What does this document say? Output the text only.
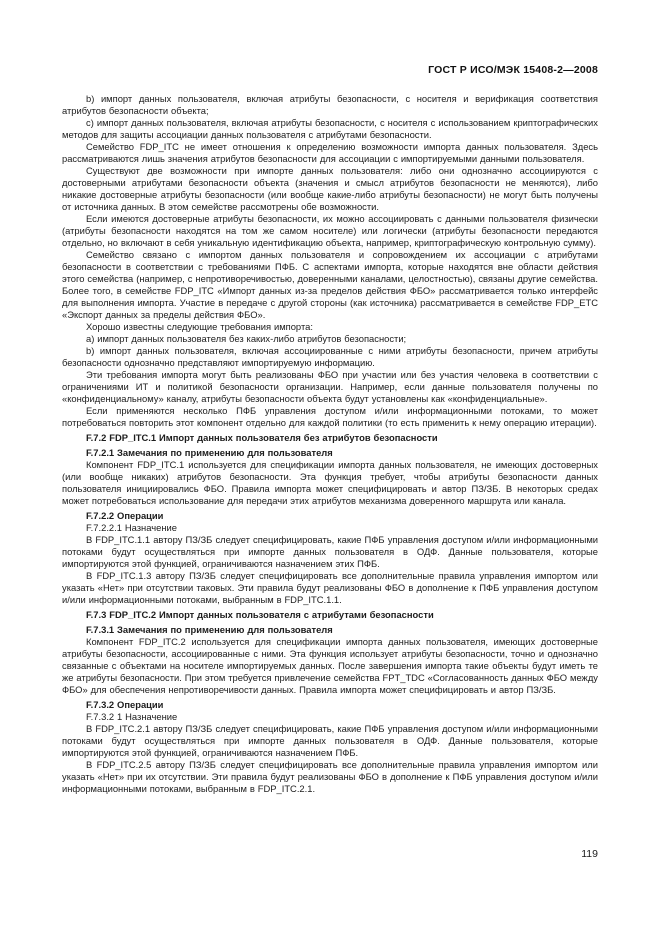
ГОСТ Р ИСО/МЭК 15408-2—2008

b) импорт данных пользователя, включая атрибуты безопасности, с носителя и верификация соответствия атрибутов безопасности объекта;

c) импорт данных пользователя, включая атрибуты безопасности, с носителя с использованием криптографических методов для защиты ассоциации данных пользователя с атрибутами безопасности.

Семейство FDP_ITC не имеет отношения к определению возможности импорта данных пользователя. Здесь рассматриваются лишь значения атрибутов безопасности для ассоциации с импортируемыми данными пользователя.

Существуют две возможности при импорте данных пользователя: либо они однозначно ассоциируются с достоверными атрибутами безопасности объекта (значения и смысл атрибутов безопасности не меняются), либо никакие достоверные атрибуты безопасности (или вообще какие-либо атрибуты безопасности) не могут быть получены от источника данных. В этом семействе рассмотрены обе возможности.

Если имеются достоверные атрибуты безопасности, их можно ассоциировать с данными пользователя физически (атрибуты безопасности находятся на том же самом носителе) или логически (атрибуты безопасности передаются отдельно, но включают в себя уникальную идентификацию объекта, например, криптографическую контрольную сумму).

Семейство связано с импортом данных пользователя и сопровождением их ассоциации с атрибутами безопасности в соответствии с требованиями ПФБ. С аспектами импорта, которые находятся вне области действия этого семейства (например, с непротиворечивостью, доверенными каналами, целостностью), связаны другие семейства. Более того, в семействе FDP_ITC «Импорт данных из-за пределов действия ФБО» рассматривается только интерфейс для выполнения импорта. Участие в передаче с другой стороны (как источника) рассматривается в семействе FDP_ETC «Экспорт данных за пределы действия ФБО».

Хорошо известны следующие требования импорта:

a) импорт данных пользователя без каких-либо атрибутов безопасности;

b) импорт данных пользователя, включая ассоциированные с ними атрибуты безопасности, причем атрибуты безопасности однозначно представляют импортируемую информацию.

Эти требования импорта могут быть реализованы ФБО при участии или без участия человека в соответствии с ограничениями ИТ и политикой безопасности организации. Например, если данные пользователя получены по «конфиденциальному» каналу, атрибуты безопасности объекта будут установлены как «конфиденциальные».

Если применяются несколько ПФБ управления доступом и/или информационными потоками, то может потребоваться повторить этот компонент отдельно для каждой политики (то есть применить к нему операцию итерации).

F.7.2 FDP_ITC.1 Импорт данных пользователя без атрибутов безопасности

F.7.2.1 Замечания по применению для пользователя

Компонент FDP_ITC.1 используется для спецификации импорта данных пользователя, не имеющих достоверных (или вообще никаких) атрибутов безопасности. Эта функция требует, чтобы атрибуты безопасности данных пользователя инициировались ФБО. Правила импорта может специфицировать и автор ПЗ/ЗБ. В некоторых средах может потребоваться использование для передачи этих атрибутов механизма доверенного маршрута или канала.

F.7.2.2 Операции

F.7.2.2.1 Назначение

В FDP_ITC.1.1 автору ПЗ/ЗБ следует специфицировать, какие ПФБ управления доступом и/или информационными потоками будут осуществляться при импорте данных пользователя в ОДФ. Данные пользователя, которые импортируются этой функцией, ограничиваются назначением этих ПФБ.

В FDP_ITC.1.3 автору ПЗ/ЗБ следует специфицировать все дополнительные правила управления импортом или указать «Нет» при отсутствии таковых. Эти правила будут реализованы ФБО в дополнение к ПФБ управления доступом и/или информационными потоками, выбранным в FDP_ITC.1.1.

F.7.3 FDP_ITC.2 Импорт данных пользователя с атрибутами безопасности

F.7.3.1 Замечания по применению для пользователя

Компонент FDP_ITC.2 используется для спецификации импорта данных пользователя, имеющих достоверные атрибуты безопасности, ассоциированные с ними. Эта функция использует атрибуты безопасности, точно и однозначно связанные с объектами на носителе импортируемых данных. После завершения импорта такие объекты будут иметь те же атрибуты безопасности. При этом требуется привлечение семейства FPT_TDC «Согласованность данных ФБО между ФБО» для обеспечения непротиворечивости данных. Правила импорта может специфицировать и автор ПЗ/ЗБ.

F.7.3.2 Операции

F.7.3.2 1 Назначение

В FDP_ITC.2.1 автору ПЗ/ЗБ следует специфицировать, какие ПФБ управления доступом и/или информационными потоками будут осуществляться при импорте данных пользователя в ОДФ. Данные пользователя, которые импортируются этой функцией, ограничиваются назначением ПФБ.

В FDP_ITC.2.5 автору ПЗ/ЗБ следует специфицировать все дополнительные правила управления импортом или указать «Нет» при их отсутствии. Эти правила будут реализованы ФБО в дополнение к ПФБ управления доступом и/или информационными потоками, выбранным в FDP_ITC.2.1.

119
